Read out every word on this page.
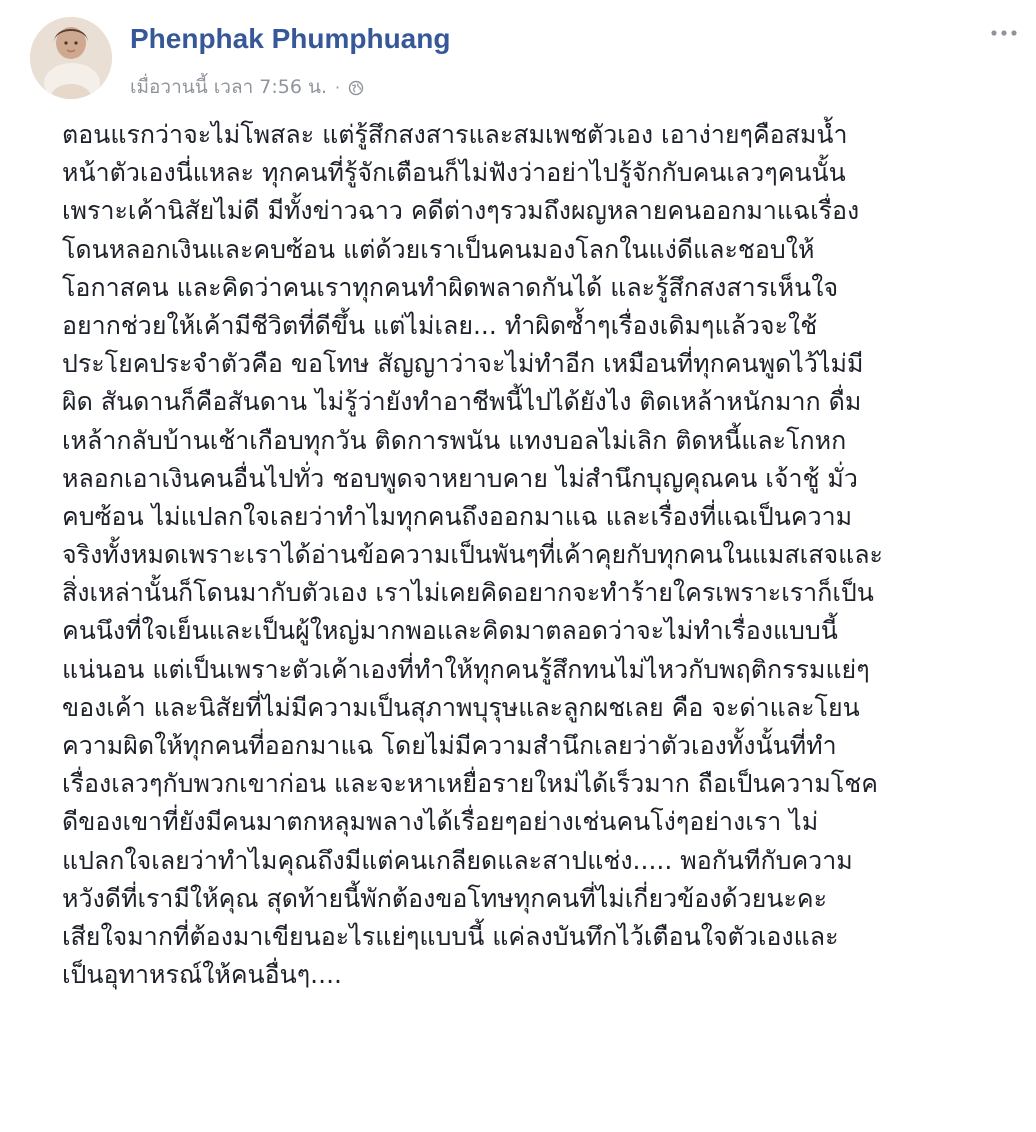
Phenphak Phumphuang
เมื่อวานนี้ เวลา 7:56 น. ·
ตอนแรกว่าจะไม่โพสละ แต่รู้สึกสงสารและสมเพชตัวเอง เอาง่ายๆคือสมน้ำ
หน้าตัวเองนี่แหละ ทุกคนที่รู้จักเตือนก็ไม่ฟังว่าอย่าไปรู้จักกับคนเลวๆคนนั้น
เพราะเค้านิสัยไม่ดี มีทั้งข่าวฉาว คดีต่างๆรวมถึงผญหลายคนออกมาแฉเรื่อง
โดนหลอกเงินและคบซ้อน แต่ด้วยเราเป็นคนมองโลกในแง่ดีและชอบให้
โอกาสคน และคิดว่าคนเราทุกคนทำผิดพลาดกันได้ และรู้สึกสงสารเห็นใจ
อยากช่วยให้เค้ามีชีวิตที่ดีขึ้น แต่ไม่เลย... ทำผิดซ้ำๆเรื่องเดิมๆแล้วจะใช้
ประโยคประจำตัวคือ ขอโทษ สัญญาว่าจะไม่ทำอีก เหมือนที่ทุกคนพูดไว้ไม่มี
ผิด สันดานก็คือสันดาน ไม่รู้ว่ายังทำอาชีพนี้ไปได้ยังไง ติดเหล้าหนักมาก ดื่ม
เหล้ากลับบ้านเช้าเกือบทุกวัน ติดการพนัน แทงบอลไม่เลิก ติดหนี้และโกหก
หลอกเอาเงินคนอื่นไปทั่ว ชอบพูดจาหยาบคาย ไม่สำนึกบุญคุณคน เจ้าชู้ มั่ว
คบซ้อน ไม่แปลกใจเลยว่าทำไมทุกคนถึงออกมาแฉ และเรื่องที่แฉเป็นความ
จริงทั้งหมดเพราะเราได้อ่านข้อความเป็นพันๆที่เค้าคุยกับทุกคนในแมสเสจและ
สิ่งเหล่านั้นก็โดนมากับตัวเอง เราไม่เคยคิดอยากจะทำร้ายใครเพราะเราก็เป็น
คนนึงที่ใจเย็นและเป็นผู้ใหญ่มากพอและคิดมาตลอดว่าจะไม่ทำเรื่องแบบนี้
แน่นอน แต่เป็นเพราะตัวเค้าเองที่ทำให้ทุกคนรู้สึกทนไม่ไหวกับพฤติกรรมแย่ๆ
ของเค้า และนิสัยที่ไม่มีความเป็นสุภาพบุรุษและลูกผชเลย คือ จะด่าและโยน
ความผิดให้ทุกคนที่ออกมาแฉ โดยไม่มีความสำนึกเลยว่าตัวเองทั้งนั้นที่ทำ
เรื่องเลวๆกับพวกเขาก่อน และจะหาเหยื่อรายใหม่ได้เร็วมาก ถือเป็นความโชค
ดีของเขาที่ยังมีคนมาตกหลุมพลางได้เรื่อยๆอย่างเช่นคนโง่ๆอย่างเรา ไม่
แปลกใจเลยว่าทำไมคุณถึงมีแต่คนเกลียดและสาปแช่ง..... พอกันทีกับความ
หวังดีที่เรามีให้คุณ สุดท้ายนี้พักต้องขอโทษทุกคนที่ไม่เกี่ยวข้องด้วยนะคะ
เสียใจมากที่ต้องมาเขียนอะไรแย่ๆแบบนี้ แค่ลงบันทึกไว้เตือนใจตัวเองและ
เป็นอุทาหรณ์ให้คนอื่นๆ....
